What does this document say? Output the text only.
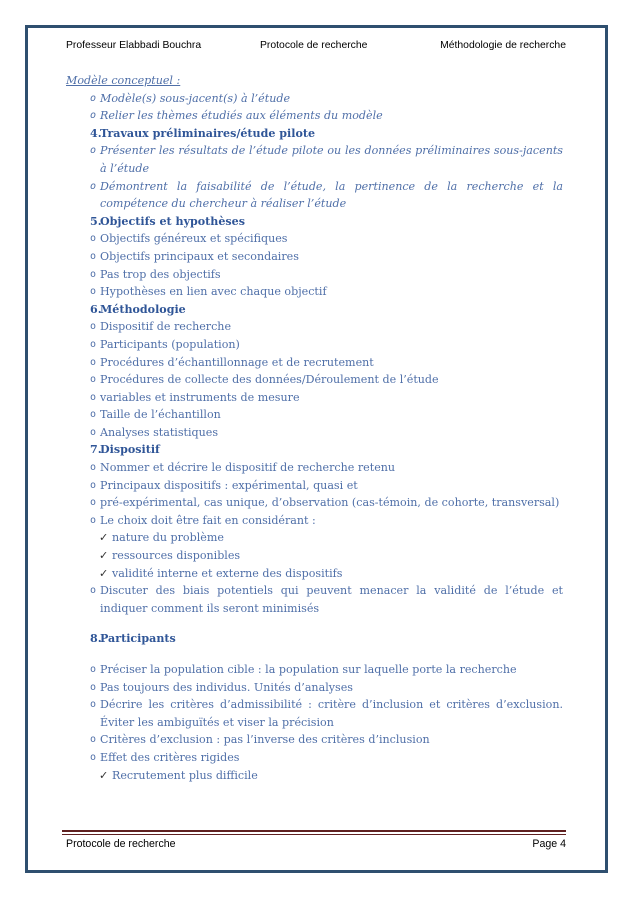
Professeur Elabbadi Bouchra	Protocole de recherche	Méthodologie de recherche
Modèle conceptuel :
o Modèle(s) sous-jacent(s) à l’étude
o Relier les thèmes étudiés aux éléments du modèle
4.
Travaux préliminaires/étude pilote
o Présenter les résultats de l’étude pilote ou les données préliminaires sous-jacents à l’étude
o Démontrent la faisabilité de l’étude, la pertinence de la recherche et la compétence du chercheur à réaliser l’étude
5.
Objectifs et hypothèses
o Objectifs généreux et spécifiques
o Objectifs principaux et secondaires
o Pas trop des objectifs
o Hypothèses en lien avec chaque objectif
6.
Méthodologie
o Dispositif de recherche
o Participants (population)
o Procédures d’échantillonnage et de recrutement
o Procédures de collecte des données/Déroulement de l’étude
o variables et instruments de mesure
o Taille de l’échantillon
o Analyses statistiques
7.
Dispositif
o Nommer et décrire le dispositif de recherche retenu
o Principaux dispositifs : expérimental, quasi et
o pré-expérimental, cas unique, d’observation (cas-témoin, de cohorte, transversal)
o Le choix doit être fait en considérant :
✓ nature du problème
✓ ressources disponibles
✓ validité interne et externe des dispositifs
o Discuter des biais potentiels qui peuvent menacer la validité de l’étude et indiquer comment ils seront minimisés
8.
Participants
o Préciser la population cible : la population sur laquelle porte la recherche
o Pas toujours des individus. Unités d’analyses
o Décrire les critères d’admissibilité : critère d’inclusion et critères d’exclusion. Éviter les ambiguïtés et viser la précision
o Critères d’exclusion : pas l’inverse des critères d’inclusion
o Effet des critères rigides
✓ Recrutement plus difficile
Protocole de recherche	Page 4
